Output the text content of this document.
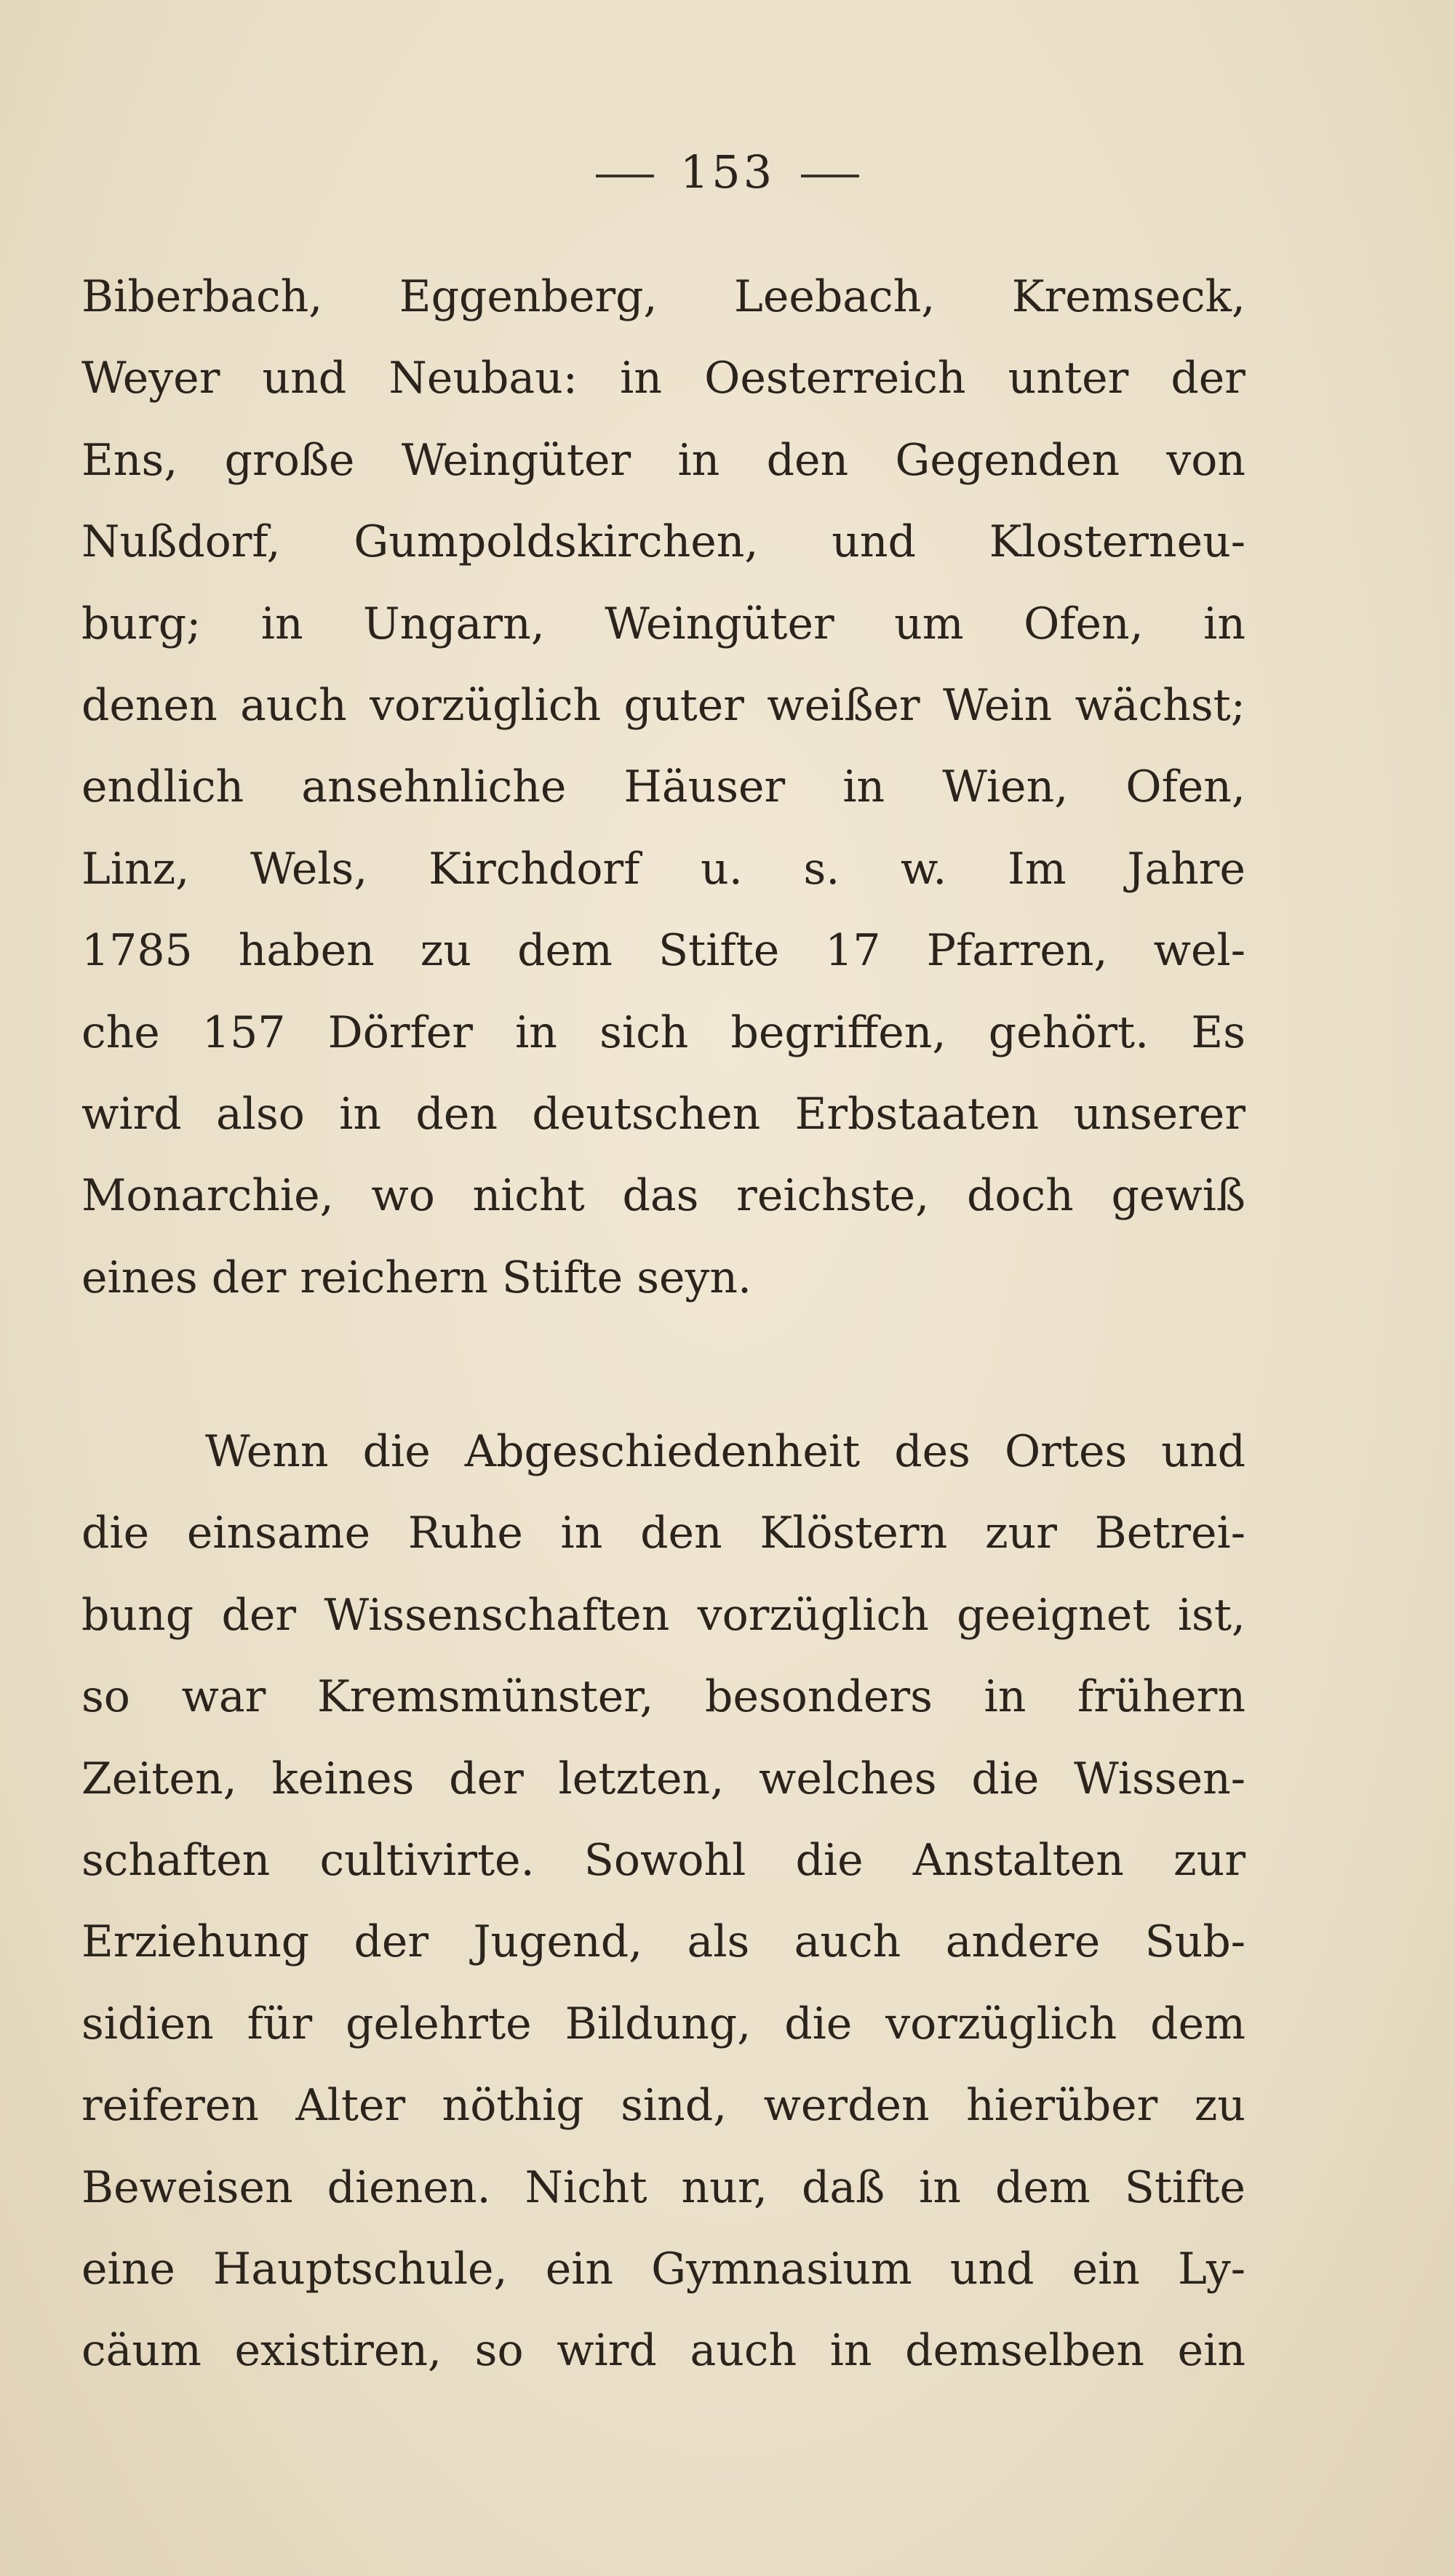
153
Biberbach, Eggenberg, Leebach, Kremseck,
Weyer und Neubau: in Oesterreich unter der
Ens, große Weingüter in den Gegenden von
Nußdorf, Gumpoldskirchen, und Klosterneu-
burg; in Ungarn, Weingüter um Ofen, in
denen auch vorzüglich guter weißer Wein wächst;
endlich ansehnliche Häuser in Wien, Ofen,
Linz, Wels, Kirchdorf u. s. w. Im Jahre
1785 haben zu dem Stifte 17 Pfarren, wel-
che 157 Dörfer in sich begriffen, gehört. Es
wird also in den deutschen Erbstaaten unserer
Monarchie, wo nicht das reichste, doch gewiß
eines der reichern Stifte seyn.
Wenn die Abgeschiedenheit des Ortes und
die einsame Ruhe in den Klöstern zur Betrei-
bung der Wissenschaften vorzüglich geeignet ist,
so war Kremsmünster, besonders in frühern
Zeiten, keines der letzten, welches die Wissen-
schaften cultivirte. Sowohl die Anstalten zur
Erziehung der Jugend, als auch andere Sub-
sidien für gelehrte Bildung, die vorzüglich dem
reiferen Alter nöthig sind, werden hierüber zu
Beweisen dienen. Nicht nur, daß in dem Stifte
eine Hauptschule, ein Gymnasium und ein Ly-
cäum existiren, so wird auch in demselben ein
